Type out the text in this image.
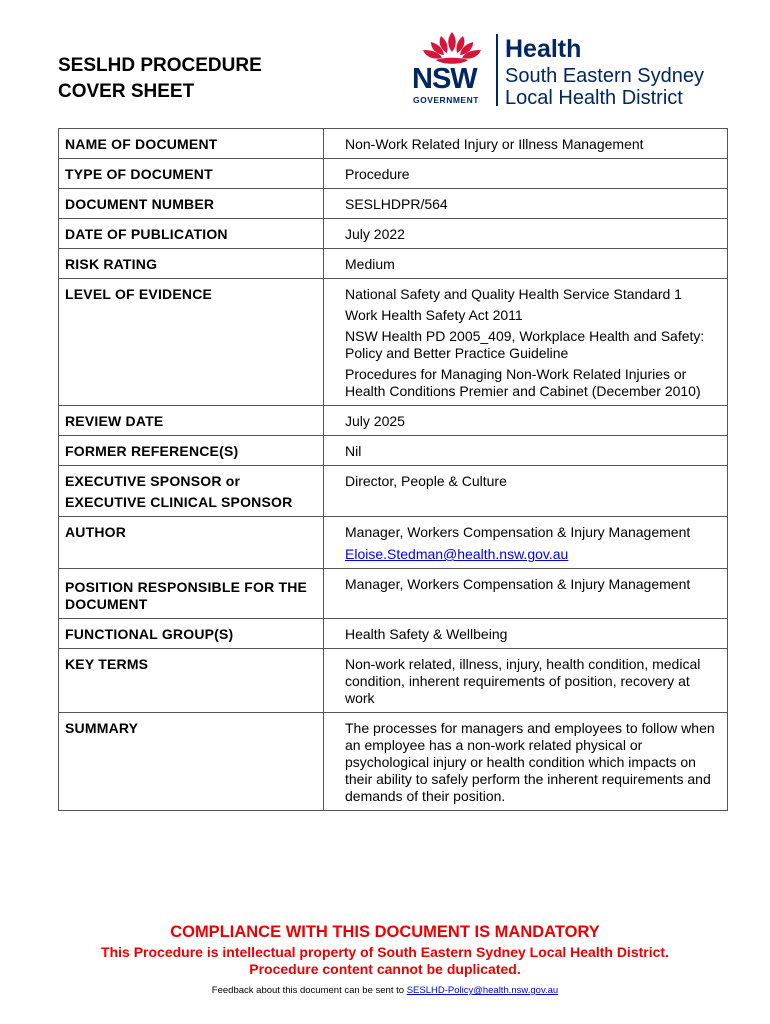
SESLHD PROCEDURE
COVER SHEET	NSW
GOVERNMENT
Health
South Eastern Sydney
Local Health District
NAME OF DOCUMENT	Non-Work Related Injury or Illness Management
TYPE OF DOCUMENT	Procedure
DOCUMENT NUMBER	SESLHDPR/564
DATE OF PUBLICATION	July 2022
RISK RATING	Medium
LEVEL OF EVIDENCE	National Safety and Quality Health Service Standard 1

Work Health Safety Act 2011

NSW Health PD 2005_409, Workplace Health and Safety: Policy and Better Practice Guideline

Procedures for Managing Non-Work Related Injuries or Health Conditions Premier and Cabinet (December 2010)

REVIEW DATE	July 2025
FORMER REFERENCE(S)	Nil

EXECUTIVE SPONSOR or
EXECUTIVE CLINICAL SPONSOR	Director, People & Culture
AUTHOR	Manager, Workers Compensation & Injury Management
Eloise.Stedman@health.nsw.gov.au
POSITION RESPONSIBLE FOR THE DOCUMENT	Manager, Workers Compensation & Injury Management
FUNCTIONAL GROUP(S)	Health Safety & Wellbeing
KEY TERMS	Non-work related, illness, injury, health condition, medical condition, inherent requirements of position, recovery at work
SUMMARY	The processes for managers and employees to follow when an employee has a non-work related physical or psychological injury or health condition which impacts on their ability to safely perform the inherent requirements and demands of their position.
COMPLIANCE WITH THIS DOCUMENT IS MANDATORY
This Procedure is intellectual property of South Eastern Sydney Local Health District.
Procedure content cannot be duplicated.
Feedback about this document can be sent to SESLHD-Policy@health.nsw.gov.au
